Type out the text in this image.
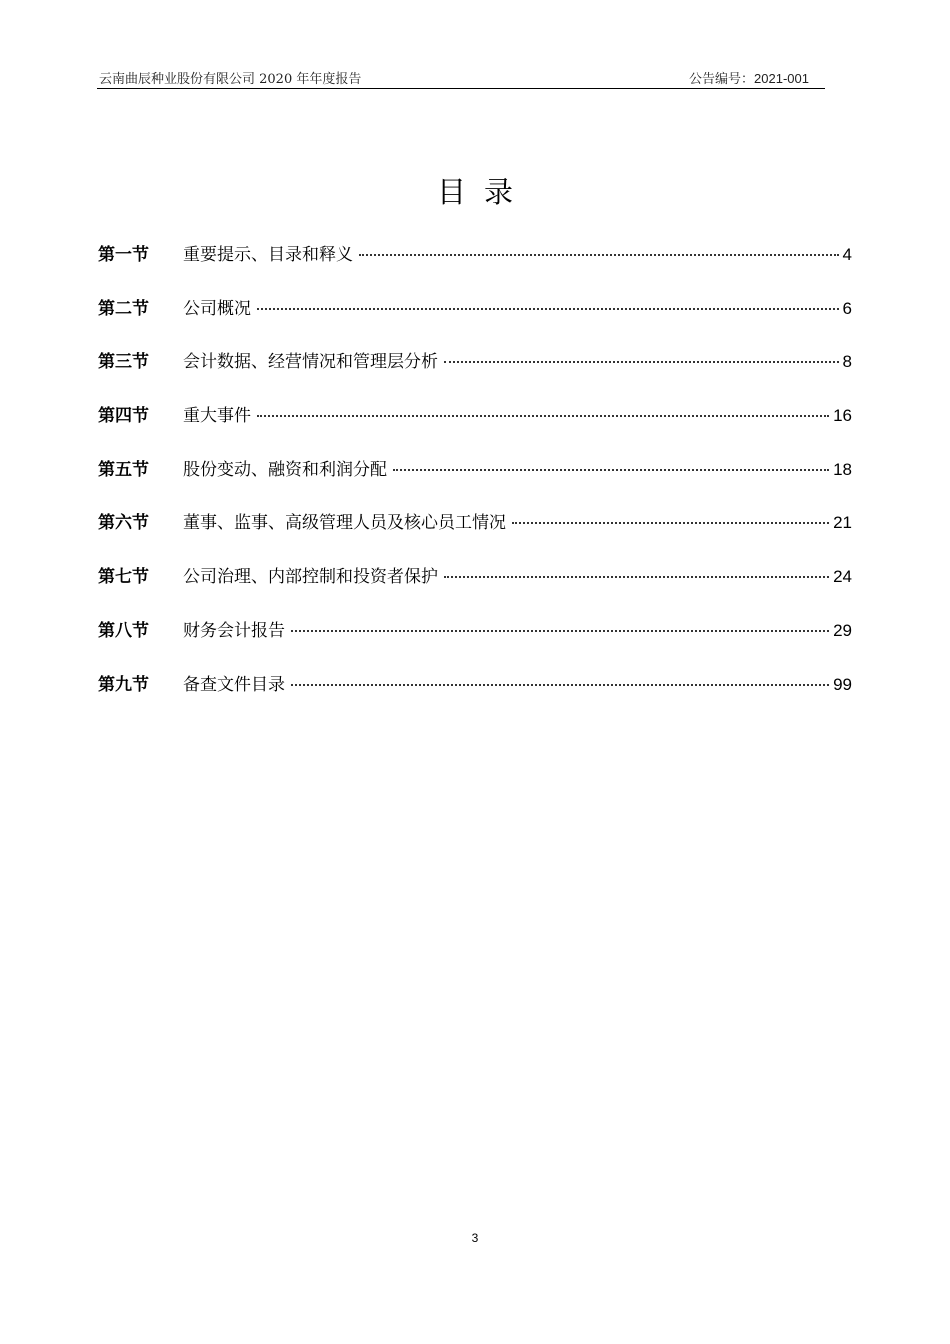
云南曲辰种业股份有限公司 2020 年年度报告	公告编号：2021-001
目录
第一节	重要提示、目录和释义	4
第二节	公司概况	6
第三节	会计数据、经营情况和管理层分析	8
第四节	重大事件	16
第五节	股份变动、融资和利润分配	18
第六节	董事、监事、高级管理人员及核心员工情况	21
第七节	公司治理、内部控制和投资者保护	24
第八节	财务会计报告	29
第九节	备查文件目录	99
3
